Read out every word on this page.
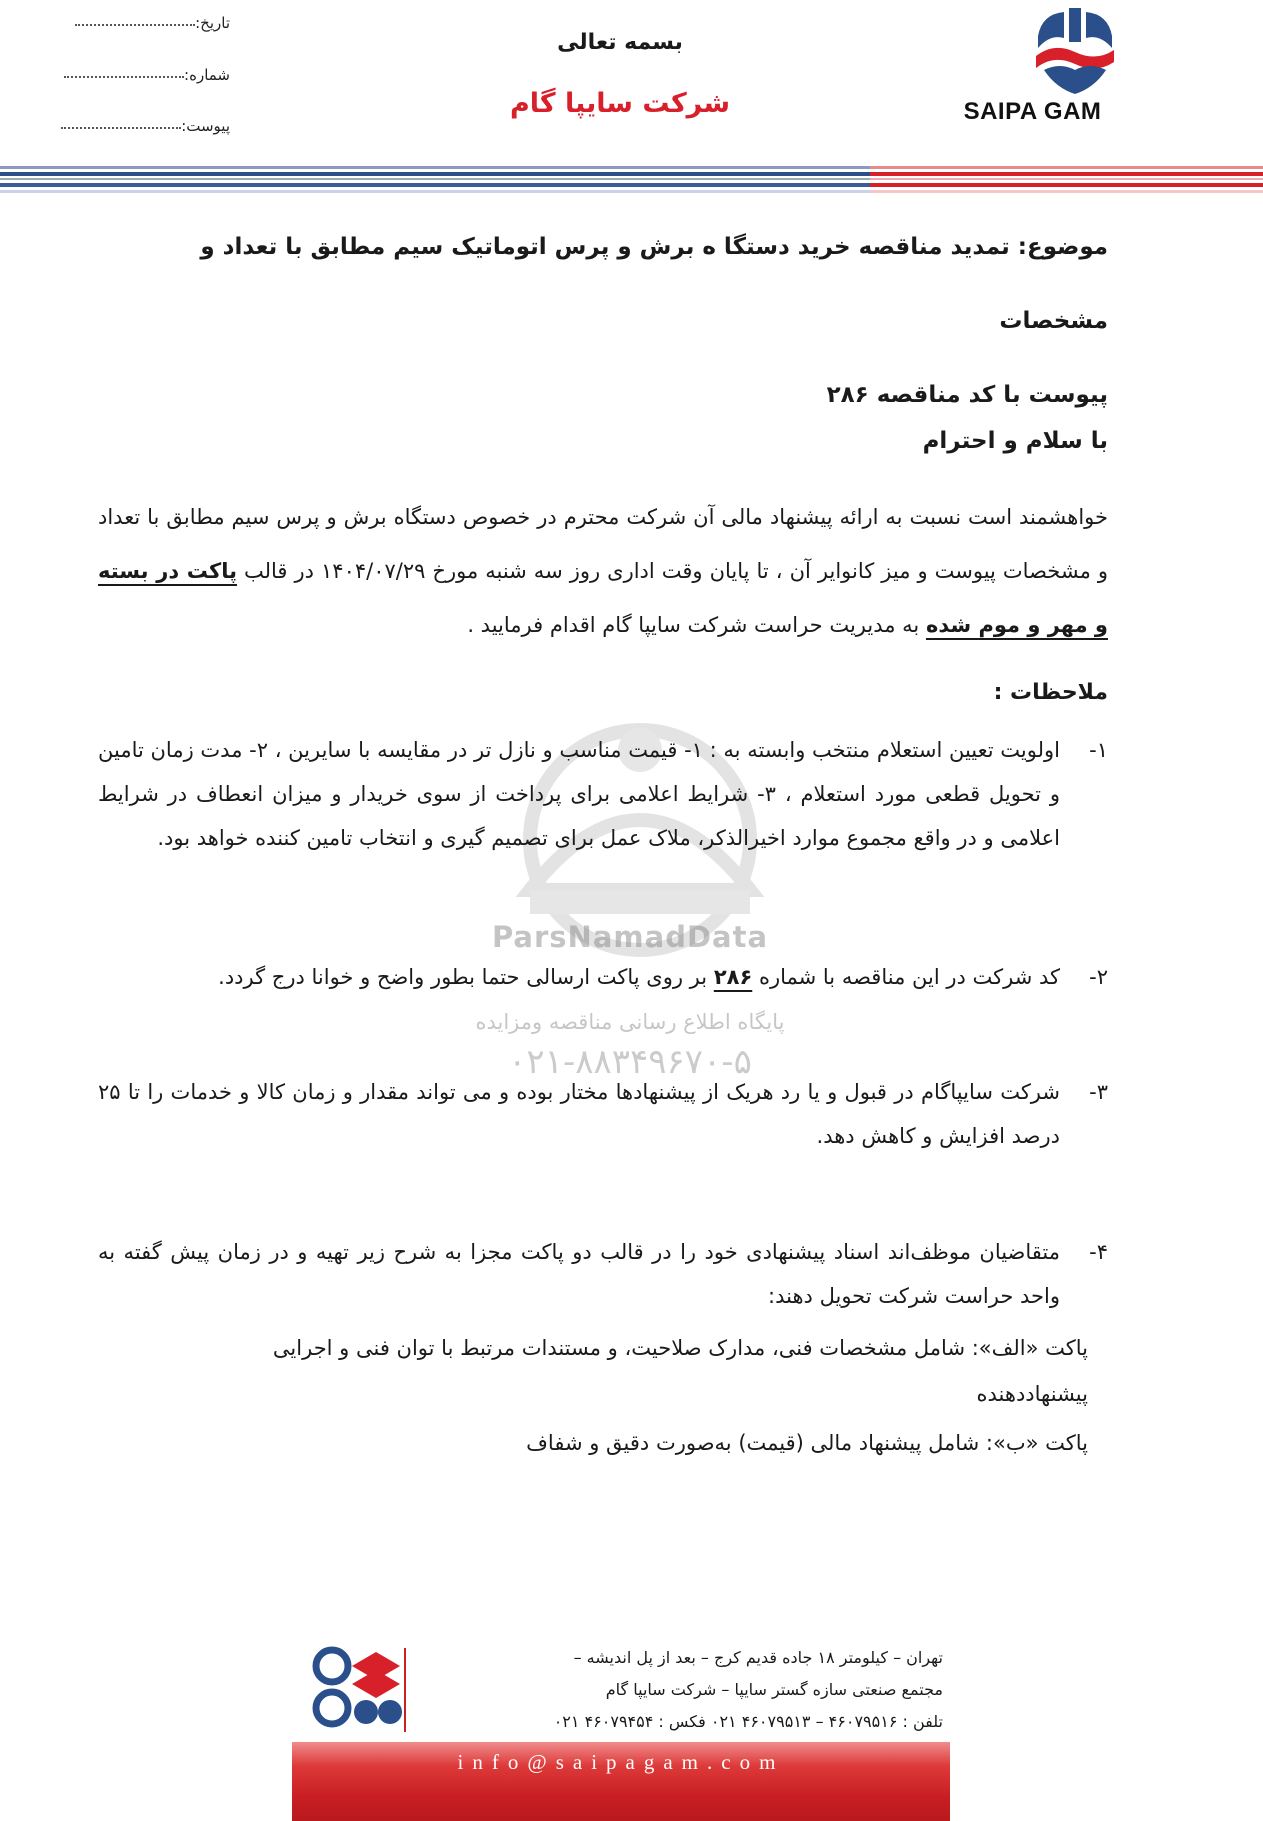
تاریخ:
شماره:
پیوست:
بسمه تعالی
شرکت سایپا گام	SAIPA GAM
ParsNamadData
پایگاه اطلاع رسانی مناقصه ومزایده
۰۲۱-۸۸۳۴۹۶۷۰-۵
موضوع: تمدید مناقصه خرید دستگا ه برش و پرس اتوماتیک سیم مطابق با تعداد و مشخصات
پیوست با کد مناقصه ۲۸۶
با سلام و احترام
خواهشمند است نسبت به ارائه پیشنهاد مالی آن شرکت محترم در خصوص دستگاه برش و پرس سیم مطابق با تعداد و مشخصات پیوست و میز کانوایر آن ، تا پایان وقت اداری روز سه شنبه مورخ ۱۴۰۴/۰۷/۲۹ در قالب پاکت در بسته و مهر و موم شده به مدیریت حراست شرکت سایپا گام اقدام فرمایید .
ملاحظات :
۱-
اولویت تعیین استعلام منتخب وابسته به : ۱- قیمت مناسب و نازل تر در مقایسه با سایرین ، ۲- مدت زمان تامین و تحویل قطعی مورد استعلام ، ۳- شرایط اعلامی برای پرداخت از سوی خریدار و میزان انعطاف در شرایط اعلامی و در واقع مجموع موارد اخیرالذکر، ملاک عمل برای تصمیم گیری و انتخاب تامین کننده خواهد بود.
۲-
کد شرکت در این مناقصه با شماره ۲۸۶ بر روی پاکت ارسالی حتما بطور واضح و خوانا درج گردد.
۳-
شرکت سایپاگام در قبول و یا رد هریک از پیشنهادها مختار بوده و می تواند مقدار و زمان کالا و خدمات را تا ۲۵ درصد افزایش و کاهش دهد.
۴-
متقاضیان موظف‌اند اسناد پیشنهادی خود را در قالب دو پاکت مجزا به شرح زیر تهیه و در زمان پیش گفته به واحد حراست شرکت تحویل دهند:
پاکت «الف»: شامل مشخصات فنی، مدارک صلاحیت، و مستندات مرتبط با توان فنی و اجرایی پیشنهاددهنده
پاکت «ب»: شامل پیشنهاد مالی (قیمت) به‌صورت دقیق و شفاف
تهران – کیلومتر ۱۸ جاده قدیم کرج – بعد از پل اندیشه –
مجتمع صنعتی سازه گستر سایپا – شرکت سایپا گام
تلفن : ۴۶۰۷۹۵۱۶ – ۴۶۰۷۹۵۱۳ ۰۲۱ فکس : ۴۶۰۷۹۴۵۴ ۰۲۱
info@saipagam.com
